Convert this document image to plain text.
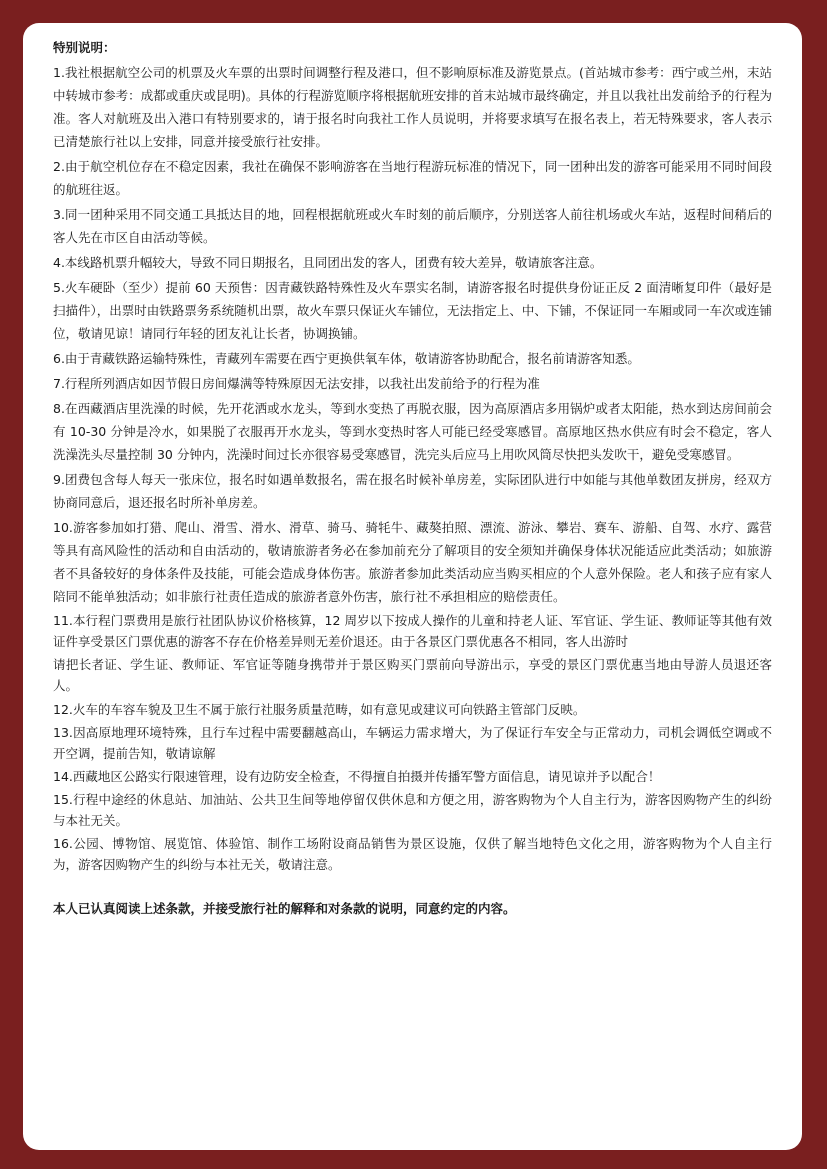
特别说明：
1.我社根据航空公司的机票及火车票的出票时间调整行程及港口，但不影响原标准及游览景点。(首站城市参考：西宁或兰州，末站中转城市参考：成都或重庆或昆明)。具体的行程游览顺序将根据航班安排的首末站城市最终确定，并且以我社出发前给予的行程为准。客人对航班及出入港口有特别要求的，请于报名时向我社工作人员说明，并将要求填写在报名表上，若无特殊要求，客人表示已清楚旅行社以上安排，同意并接受旅行社安排。
2.由于航空机位存在不稳定因素，我社在确保不影响游客在当地行程游玩标准的情况下，同一团种出发的游客可能采用不同时间段的航班往返。
3.同一团种采用不同交通工具抵达目的地，回程根据航班或火车时刻的前后顺序，分别送客人前往机场或火车站，返程时间稍后的客人先在市区自由活动等候。
4.本线路机票升幅较大，导致不同日期报名，且同团出发的客人，团费有较大差异，敬请旅客注意。
5.火车硬卧（至少）提前 60 天预售：因青藏铁路特殊性及火车票实名制，请游客报名时提供身份证正反 2 面清晰复印件（最好是扫描件），出票时由铁路票务系统随机出票，故火车票只保证火车铺位，无法指定上、中、下铺，不保证同一车厢或同一车次或连铺位，敬请见谅！请同行年轻的团友礼让长者，协调换铺。
6.由于青藏铁路运输特殊性，青藏列车需要在西宁更换供氧车体，敬请游客协助配合，报名前请游客知悉。
7.行程所列酒店如因节假日房间爆满等特殊原因无法安排，以我社出发前给予的行程为准
8.在西藏酒店里洗澡的时候，先开花洒或水龙头，等到水变热了再脱衣服，因为高原酒店多用锅炉或者太阳能，热水到达房间前会有 10-30 分钟是冷水，如果脱了衣服再开水龙头，等到水变热时客人可能已经受寒感冒。高原地区热水供应有时会不稳定，客人洗澡洗头尽量控制 30 分钟内，洗澡时间过长亦很容易受寒感冒，洗完头后应马上用吹风筒尽快把头发吹干，避免受寒感冒。
9.团费包含每人每天一张床位，报名时如遇单数报名，需在报名时候补单房差，实际团队进行中如能与其他单数团友拼房，经双方协商同意后，退还报名时所补单房差。
10.游客参加如打猎、爬山、滑雪、滑水、滑草、骑马、骑牦牛、藏獒拍照、漂流、游泳、攀岩、赛车、游船、自驾、水疗、露营等具有高风险性的活动和自由活动的，敬请旅游者务必在参加前充分了解项目的安全须知并确保身体状况能适应此类活动；如旅游者不具备较好的身体条件及技能，可能会造成身体伤害。旅游者参加此类活动应当购买相应的个人意外保险。老人和孩子应有家人陪同不能单独活动；如非旅行社责任造成的旅游者意外伤害，旅行社不承担相应的赔偿责任。
11.本行程门票费用是旅行社团队协议价格核算，12 周岁以下按成人操作的儿童和持老人证、军官证、学生证、教师证等其他有效证件享受景区门票优惠的游客不存在价格差异则无差价退还。由于各景区门票优惠各不相同，客人出游时
请把长者证、学生证、教师证、军官证等随身携带并于景区购买门票前向导游出示，享受的景区门票优惠当地由导游人员退还客人。
12.火车的车容车貌及卫生不属于旅行社服务质量范畴，如有意见或建议可向铁路主管部门反映。
13.因高原地理环境特殊，且行车过程中需要翻越高山，车辆运力需求增大，为了保证行车安全与正常动力，司机会调低空调或不开空调，提前告知，敬请谅解
14.西藏地区公路实行限速管理，设有边防安全检查，不得擅自拍摄并传播军警方面信息，请见谅并予以配合！
15.行程中途经的休息站、加油站、公共卫生间等地停留仅供休息和方便之用，游客购物为个人自主行为，游客因购物产生的纠纷与本社无关。
16.公园、博物馆、展览馆、体验馆、制作工场附设商品销售为景区设施，仅供了解当地特色文化之用，游客购物为个人自主行为，游客因购物产生的纠纷与本社无关，敬请注意。
本人已认真阅读上述条款，并接受旅行社的解释和对条款的说明，同意约定的内容。
